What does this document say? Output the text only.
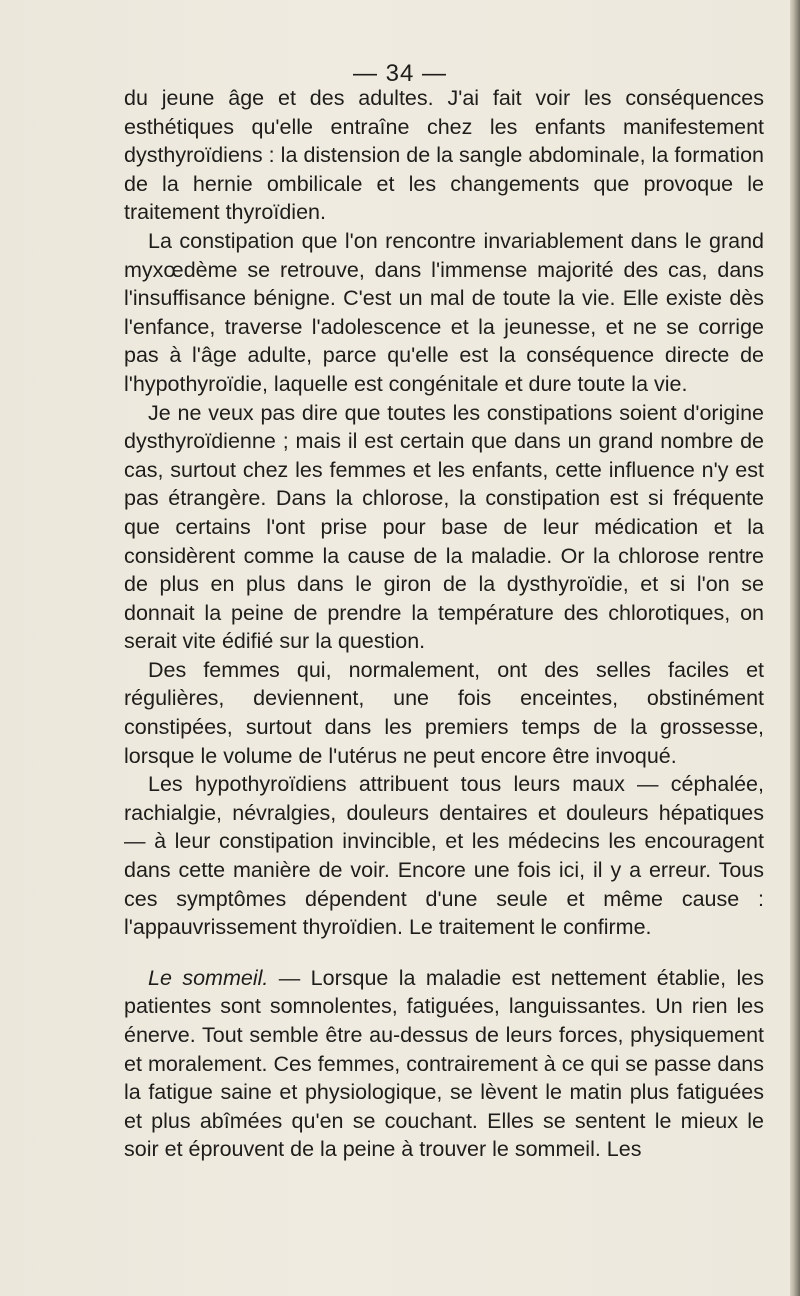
— 34 —

du jeune âge et des adultes. J'ai fait voir les conséquences esthétiques qu'elle entraîne chez les enfants manifestement dysthyroïdiens : la distension de la sangle abdominale, la formation de la hernie ombilicale et les changements que provoque le traitement thyroïdien.

La constipation que l'on rencontre invariablement dans le grand myxœdème se retrouve, dans l'immense majorité des cas, dans l'insuffisance bénigne. C'est un mal de toute la vie. Elle existe dès l'enfance, traverse l'adolescence et la jeunesse, et ne se corrige pas à l'âge adulte, parce qu'elle est la conséquence directe de l'hypothyroïdie, laquelle est congénitale et dure toute la vie.

Je ne veux pas dire que toutes les constipations soient d'origine dysthyroïdienne ; mais il est certain que dans un grand nombre de cas, surtout chez les femmes et les enfants, cette influence n'y est pas étrangère. Dans la chlorose, la constipation est si fréquente que certains l'ont prise pour base de leur médication et la considèrent comme la cause de la maladie. Or la chlorose rentre de plus en plus dans le giron de la dysthyroïdie, et si l'on se donnait la peine de prendre la température des chlorotiques, on serait vite édifié sur la question.

Des femmes qui, normalement, ont des selles faciles et régulières, deviennent, une fois enceintes, obstinément constipées, surtout dans les premiers temps de la grossesse, lorsque le volume de l'utérus ne peut encore être invoqué.

Les hypothyroïdiens attribuent tous leurs maux — céphalée, rachialgie, névralgies, douleurs dentaires et douleurs hépatiques — à leur constipation invincible, et les médecins les encouragent dans cette manière de voir. Encore une fois ici, il y a erreur. Tous ces symptômes dépendent d'une seule et même cause : l'appauvrissement thyroïdien. Le traitement le confirme.

Le sommeil. — Lorsque la maladie est nettement établie, les patientes sont somnolentes, fatiguées, languissantes. Un rien les énerve. Tout semble être au-dessus de leurs forces, physiquement et moralement. Ces femmes, contrairement à ce qui se passe dans la fatigue saine et physiologique, se lèvent le matin plus fatiguées et plus abîmées qu'en se couchant. Elles se sentent le mieux le soir et éprouvent de la peine à trouver le sommeil. Les
